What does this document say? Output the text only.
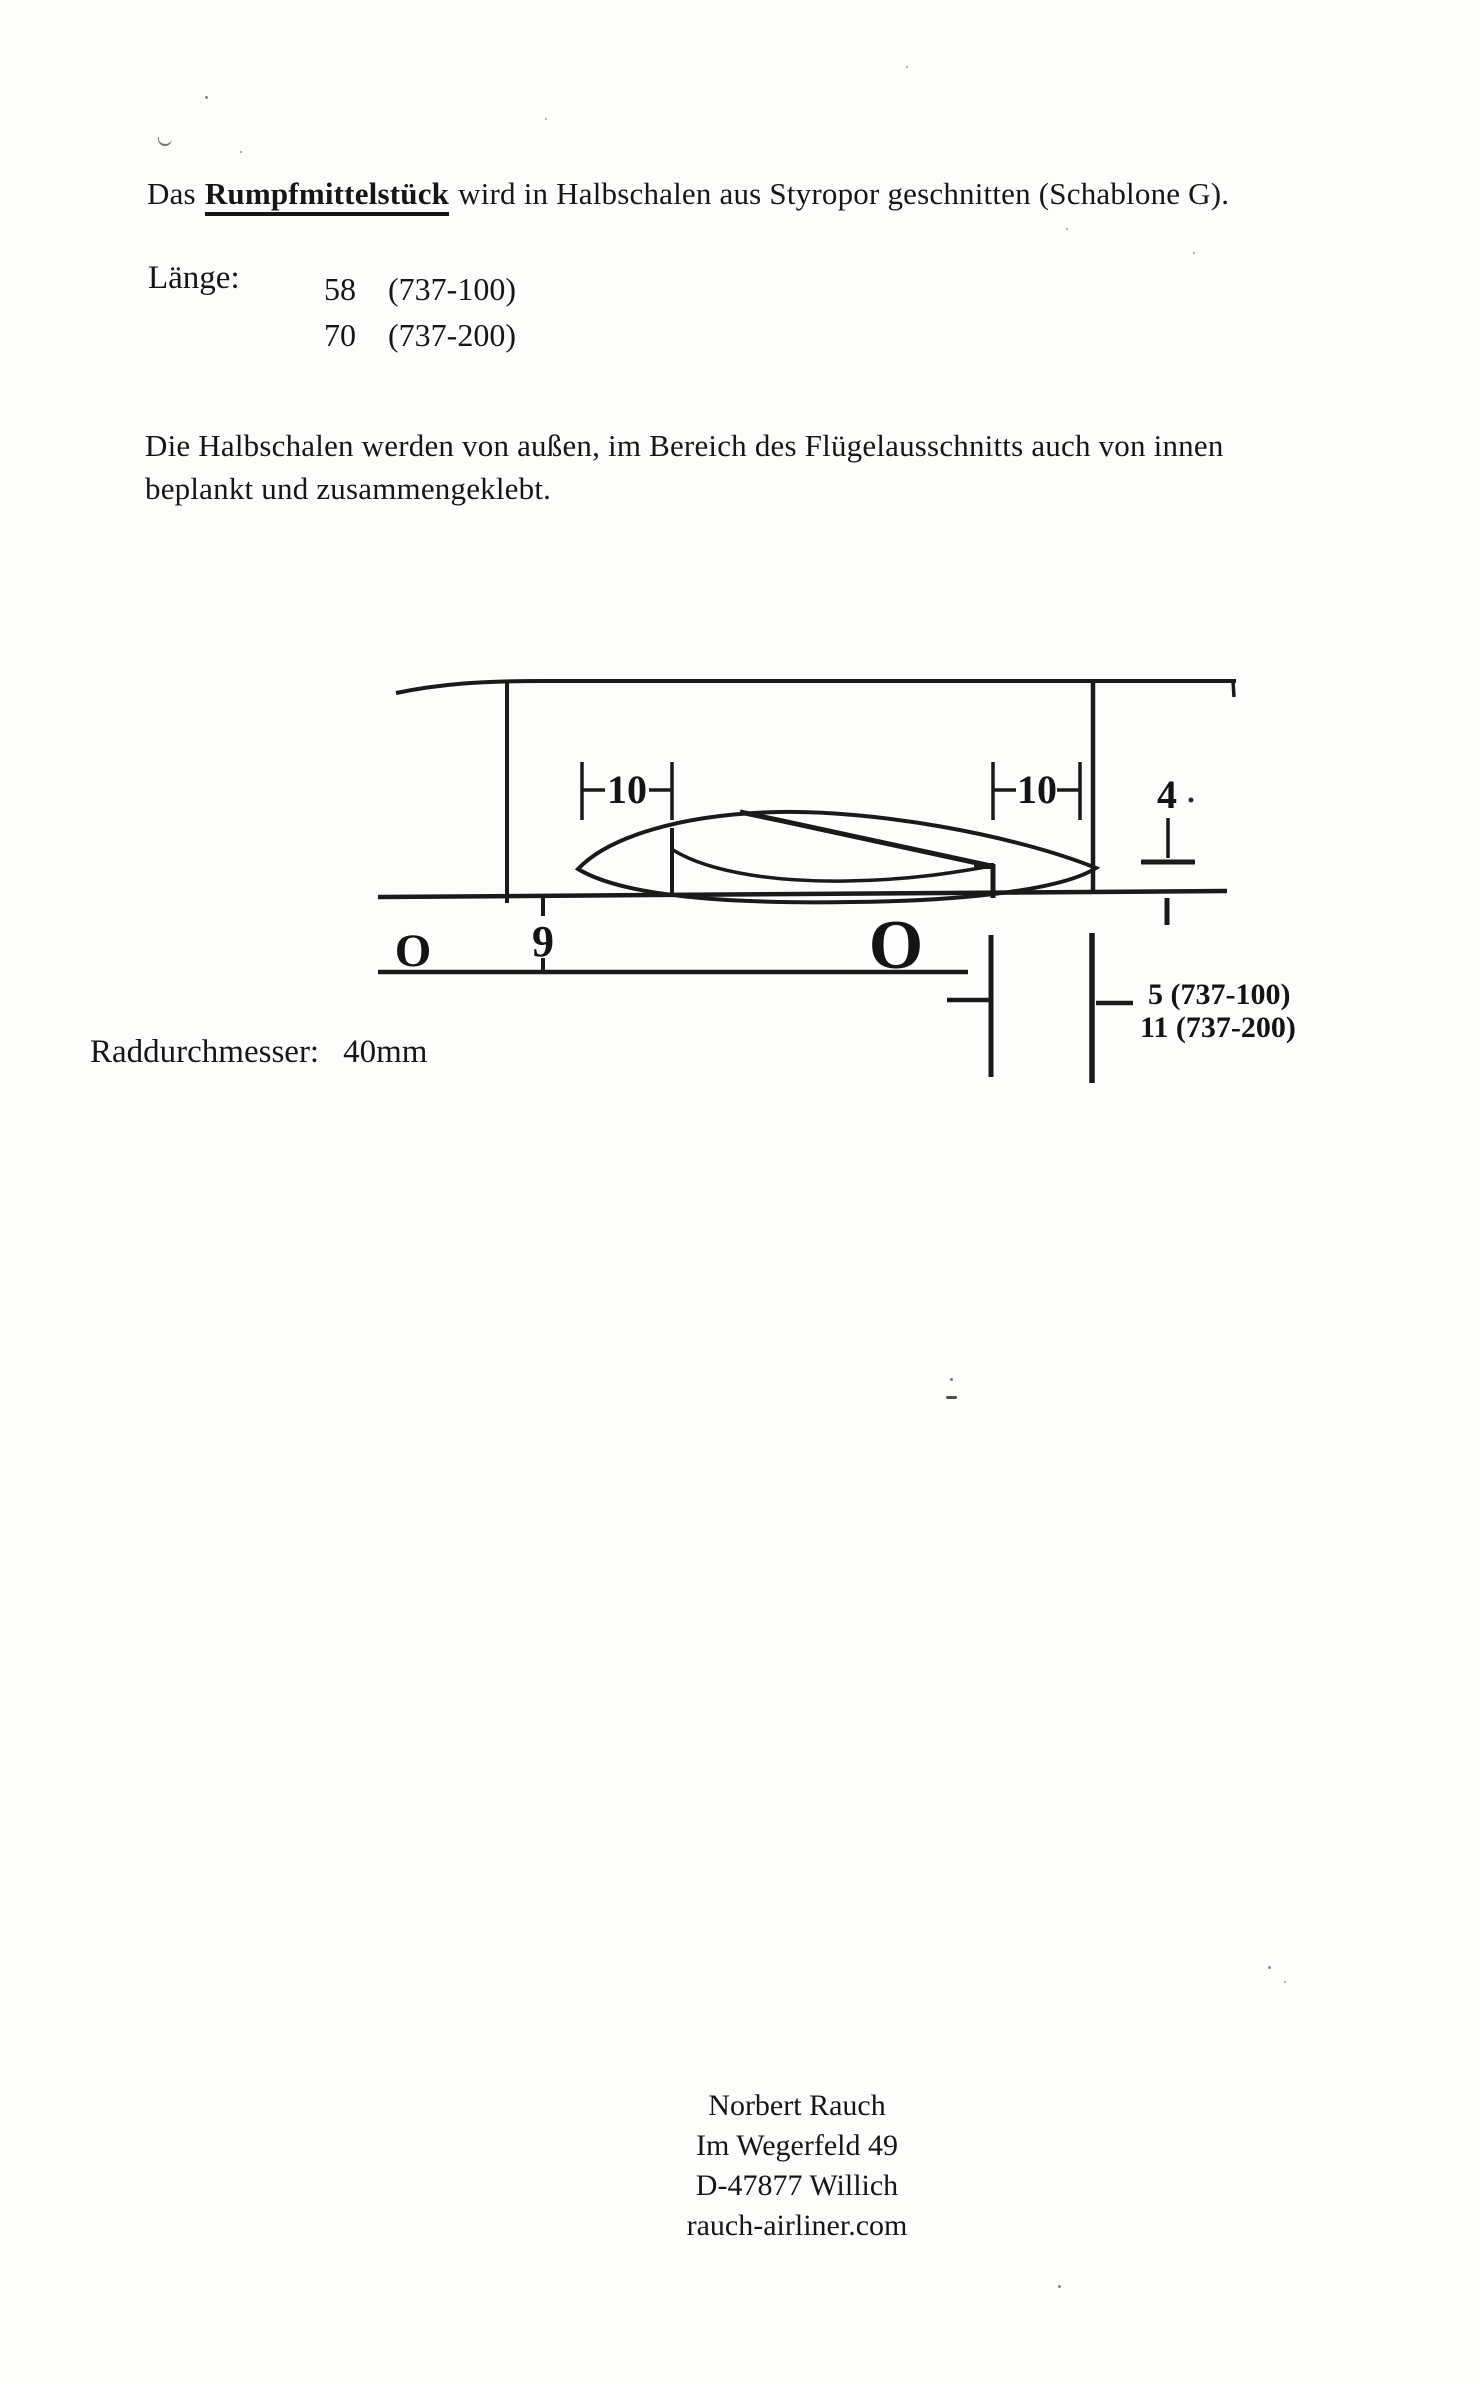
Das Rumpfmittelstück wird in Halbschalen aus Styropor geschnitten (Schablone G).
Länge:	58 (737-100)
70 (737-200)
Die Halbschalen werden von außen, im Bereich des Flügelausschnitts auch von innen
beplankt und zusammengeklebt.
10	10	4
9
O	O
5 (737-100)
11 (737-200)
Raddurchmesser: 40mm
Norbert Rauch
Im Wegerfeld 49
D-47877 Willich
rauch-airliner.com
